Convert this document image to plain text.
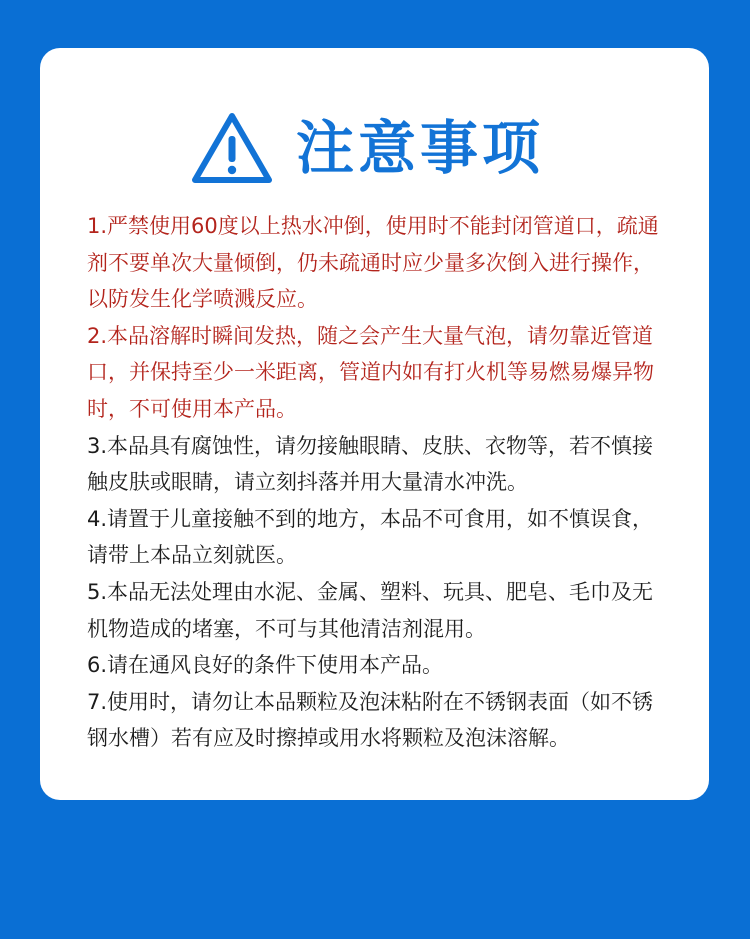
注意事项
1.严禁使用60度以上热水冲倒，使用时不能封闭管道口，疏通剂不要单次大量倾倒，仍未疏通时应少量多次倒入进行操作，以防发生化学喷溅反应。
2.本品溶解时瞬间发热，随之会产生大量气泡，请勿靠近管道口，并保持至少一米距离，管道内如有打火机等易燃易爆异物时，不可使用本产品。
3.本品具有腐蚀性，请勿接触眼睛、皮肤、衣物等，若不慎接触皮肤或眼睛，请立刻抖落并用大量清水冲洗。
4.请置于儿童接触不到的地方，本品不可食用，如不慎误食，请带上本品立刻就医。
5.本品无法处理由水泥、金属、塑料、玩具、肥皂、毛巾及无机物造成的堵塞，不可与其他清洁剂混用。
6.请在通风良好的条件下使用本产品。
7.使用时，请勿让本品颗粒及泡沫粘附在不锈钢表面（如不锈钢水槽）若有应及时擦掉或用水将颗粒及泡沫溶解。
